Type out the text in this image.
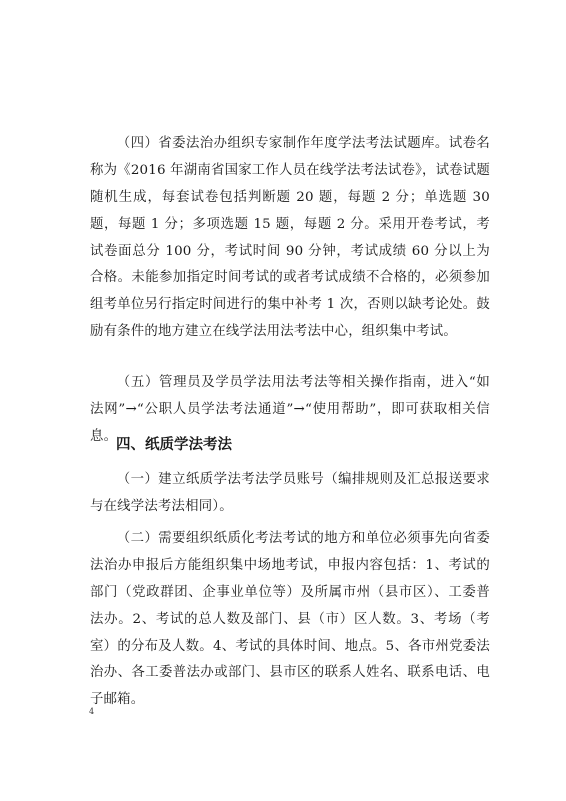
（四）省委法治办组织专家制作年度学法考法试题库。试卷名称为《2016 年湖南省国家工作人员在线学法考法试卷》，试卷试题随机生成，每套试卷包括判断题 20 题，每题 2 分；单选题 30 题，每题 1 分；多项选题 15 题，每题 2 分。采用开卷考试，考试卷面总分 100 分，考试时间 90 分钟，考试成绩 60 分以上为合格。未能参加指定时间考试的或者考试成绩不合格的，必须参加组考单位另行指定时间进行的集中补考 1 次，否则以缺考论处。鼓励有条件的地方建立在线学法用法考法中心，组织集中考试。

（五）管理员及学员学法用法考法等相关操作指南，进入“如法网”→“公职人员学法考法通道”→“使用帮助”，即可获取相关信息。

四、纸质学法考法

（一）建立纸质学法考法学员账号（编排规则及汇总报送要求与在线学法考法相同）。

（二）需要组织纸质化考法考试的地方和单位必须事先向省委法治办申报后方能组织集中场地考试，申报内容包括：1、考试的部门（党政群团、企事业单位等）及所属市州（县市区）、工委普法办。2、考试的总人数及部门、县（市）区人数。3、考场（考室）的分布及人数。4、考试的具体时间、地点。5、各市州党委法治办、各工委普法办或部门、县市区的联系人姓名、联系电话、电子邮箱。

4
